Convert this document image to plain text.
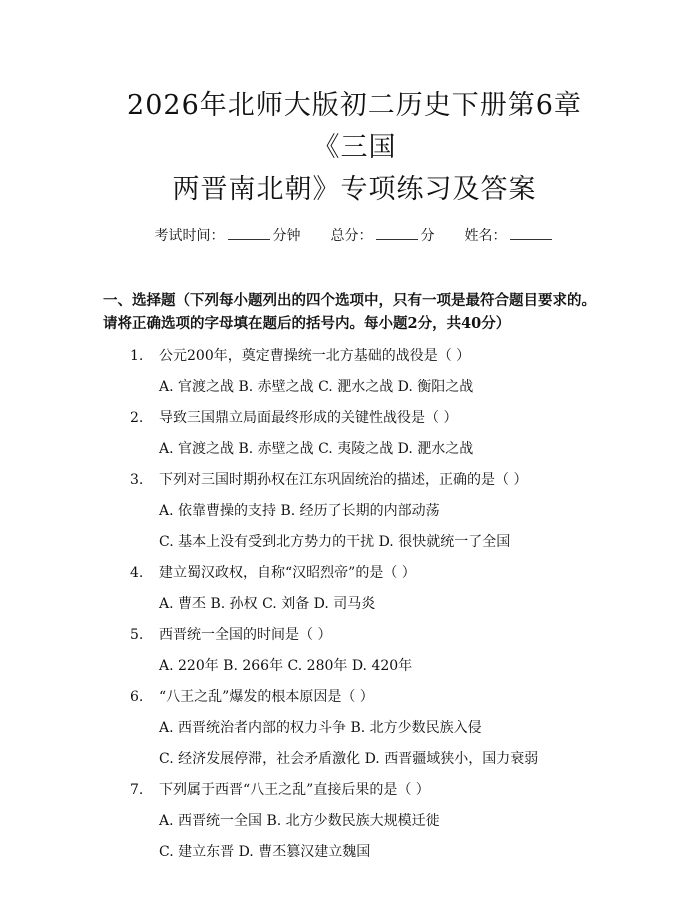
2026年北师大版初二历史下册第6章《三国
两晋南北朝》专项练习及答案
考试时间：	分钟 总分：	分 姓名：
一、选择题（下列每小题列出的四个选项中，只有一项是最符合题目要求的。请将正确选项的字母填在题后的括号内。每小题2分，共40分）
1.	公元200年，奠定曹操统一北方基础的战役是（ ）
A. 官渡之战 B. 赤壁之战 C. 淝水之战 D. 衡阳之战
2.	导致三国鼎立局面最终形成的关键性战役是（ ）
A. 官渡之战 B. 赤壁之战 C. 夷陵之战 D. 淝水之战
3.	下列对三国时期孙权在江东巩固统治的描述，正确的是（ ）
A. 依靠曹操的支持 B. 经历了长期的内部动荡
C. 基本上没有受到北方势力的干扰 D. 很快就统一了全国
4.	建立蜀汉政权，自称“汉昭烈帝”的是（ ）
A. 曹丕 B. 孙权 C. 刘备 D. 司马炎
5.	西晋统一全国的时间是（ ）
A. 220年 B. 266年 C. 280年 D. 420年
6.	“八王之乱”爆发的根本原因是（ ）
A. 西晋统治者内部的权力斗争 B. 北方少数民族入侵
C. 经济发展停滞，社会矛盾激化 D. 西晋疆域狭小，国力衰弱
7.	下列属于西晋“八王之乱”直接后果的是（ ）
A. 西晋统一全国 B. 北方少数民族大规模迁徙
C. 建立东晋 D. 曹丕篡汉建立魏国
